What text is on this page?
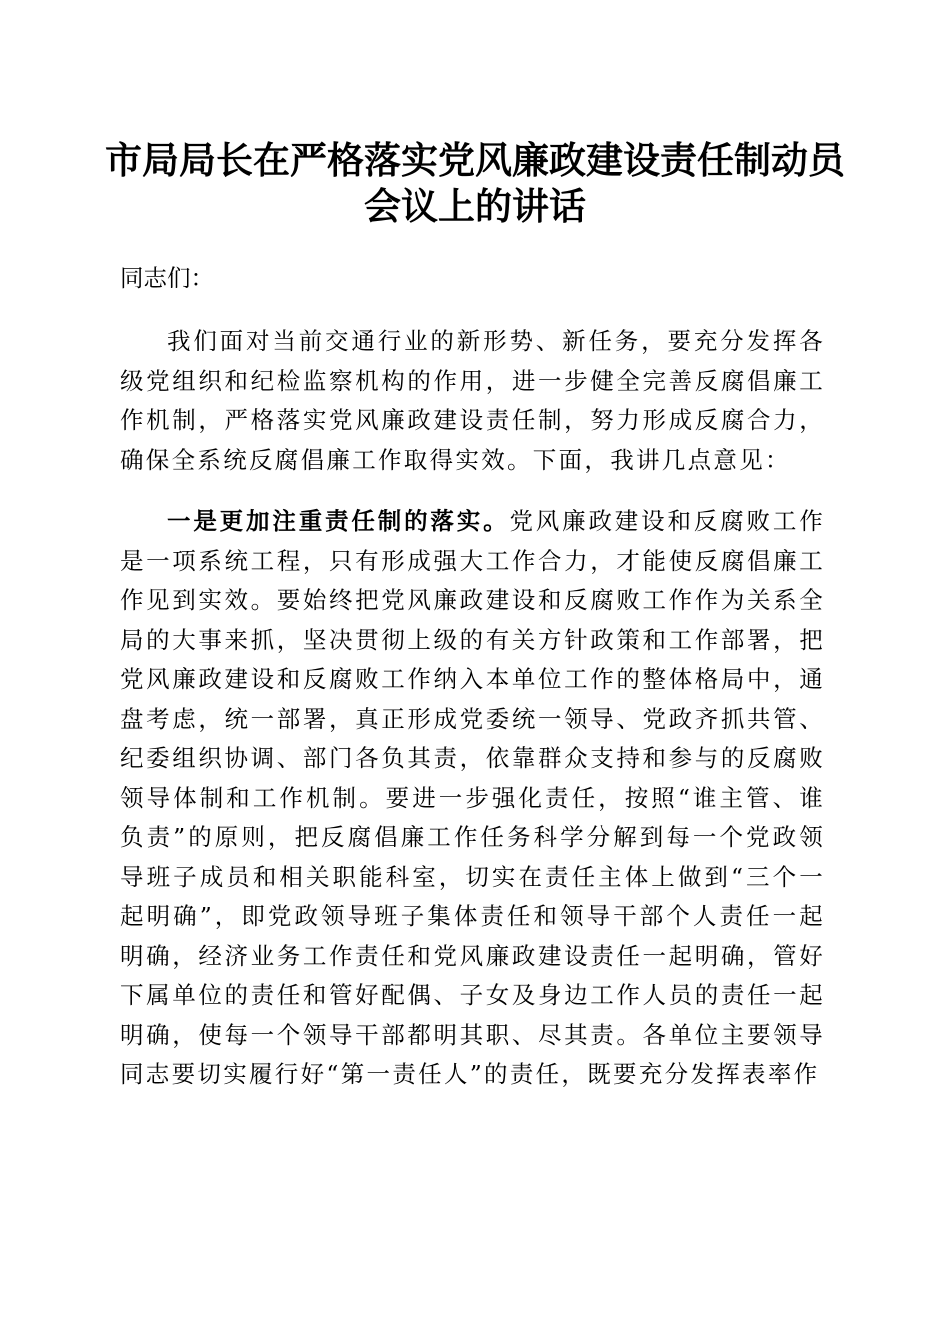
市局局长在严格落实党风廉政建设责任制动员
会议上的讲话
同志们：

我们面对当前交通行业的新形势、新任务，要充分发挥各级党组织和纪检监察机构的作用，进一步健全完善反腐倡廉工作机制，严格落实党风廉政建设责任制，努力形成反腐合力，确保全系统反腐倡廉工作取得实效。下面，我讲几点意见：

一是更加注重责任制的落实。党风廉政建设和反腐败工作是一项系统工程，只有形成强大工作合力，才能使反腐倡廉工作见到实效。要始终把党风廉政建设和反腐败工作作为关系全局的大事来抓，坚决贯彻上级的有关方针政策和工作部署，把党风廉政建设和反腐败工作纳入本单位工作的整体格局中，通盘考虑，统一部署，真正形成党委统一领导、党政齐抓共管、纪委组织协调、部门各负其责，依靠群众支持和参与的反腐败领导体制和工作机制。要进一步强化责任，按照“谁主管、谁负责”的原则，把反腐倡廉工作任务科学分解到每一个党政领导班子成员和相关职能科室，切实在责任主体上做到“三个一起明确”，即党政领导班子集体责任和领导干部个人责任一起明确，经济业务工作责任和党风廉政建设责任一起明确，管好下属单位的责任和管好配偶、子女及身边工作人员的责任一起明确，使每一个领导干部都明其职、尽其责。各单位主要领导同志要切实履行好“第一责任人”的责任，既要充分发挥表率作
